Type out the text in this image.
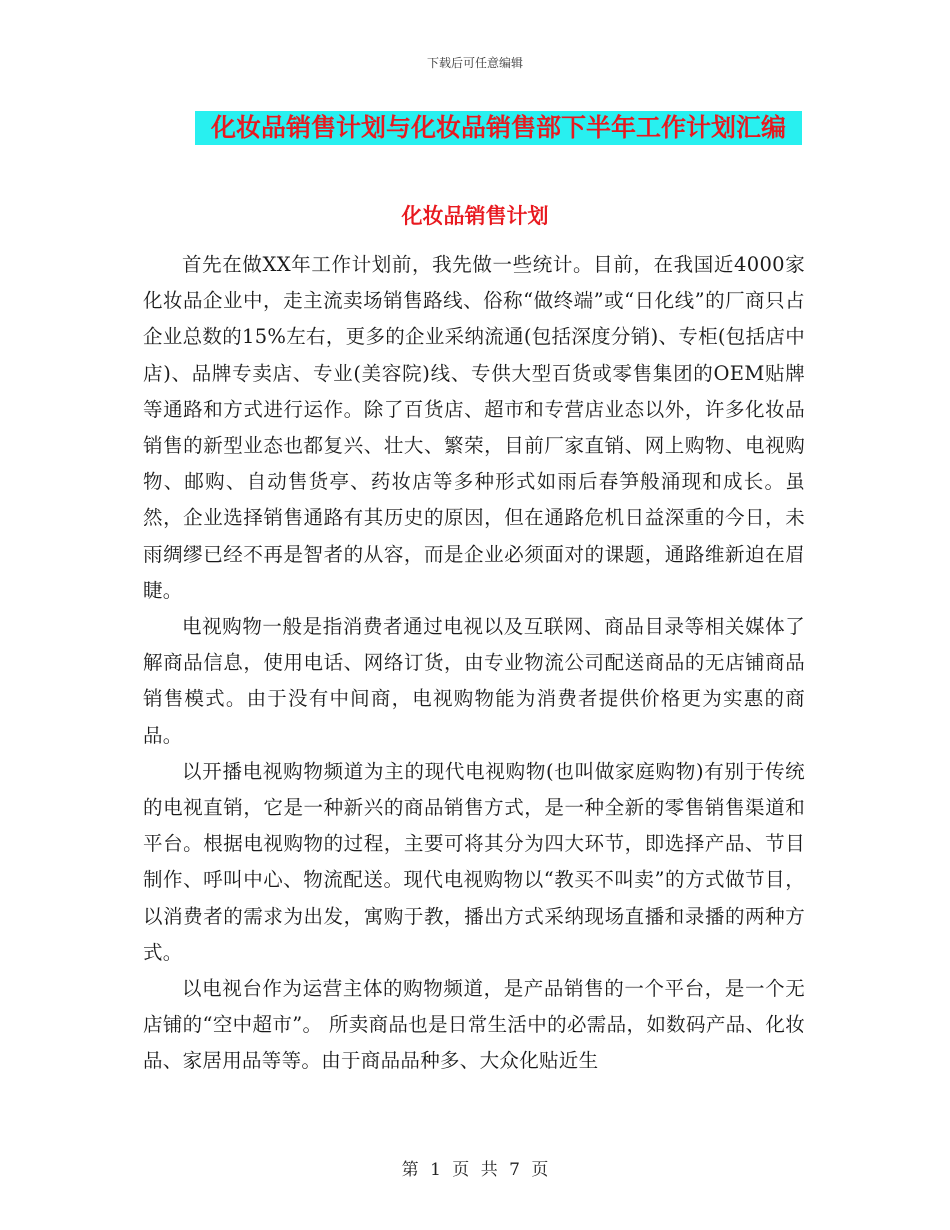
下载后可任意编辑
化妆品销售计划与化妆品销售部下半年工作计划汇编
化妆品销售计划

首先在做XX年工作计划前，我先做一些统计。目前，在我国近4000家化妆品企业中，走主流卖场销售路线、俗称“做终端”或“日化线”的厂商只占企业总数的15%左右，更多的企业采纳流通(包括深度分销)、专柜(包括店中店)、品牌专卖店、专业(美容院)线、专供大型百货或零售集团的OEM贴牌等通路和方式进行运作。除了百货店、超市和专营店业态以外，许多化妆品销售的新型业态也都复兴、壮大、繁荣，目前厂家直销、网上购物、电视购物、邮购、自动售货亭、药妆店等多种形式如雨后春笋般涌现和成长。虽然，企业选择销售通路有其历史的原因，但在通路危机日益深重的今日，未雨绸缪已经不再是智者的从容，而是企业必须面对的课题，通路维新迫在眉睫。

电视购物一般是指消费者通过电视以及互联网、商品目录等相关媒体了解商品信息，使用电话、网络订货，由专业物流公司配送商品的无店铺商品销售模式。由于没有中间商，电视购物能为消费者提供价格更为实惠的商品。

以开播电视购物频道为主的现代电视购物(也叫做家庭购物)有别于传统的电视直销，它是一种新兴的商品销售方式，是一种全新的零售销售渠道和平台。根据电视购物的过程，主要可将其分为四大环节，即选择产品、节目制作、呼叫中心、物流配送。现代电视购物以“教买不叫卖”的方式做节目，以消费者的需求为出发，寓购于教，播出方式采纳现场直播和录播的两种方式。

以电视台作为运营主体的购物频道，是产品销售的一个平台，是一个无店铺的“空中超市”。 所卖商品也是日常生活中的必需品，如数码产品、化妆品、家居用品等等。由于商品品种多、大众化贴近生

第 1 页 共 7 页
